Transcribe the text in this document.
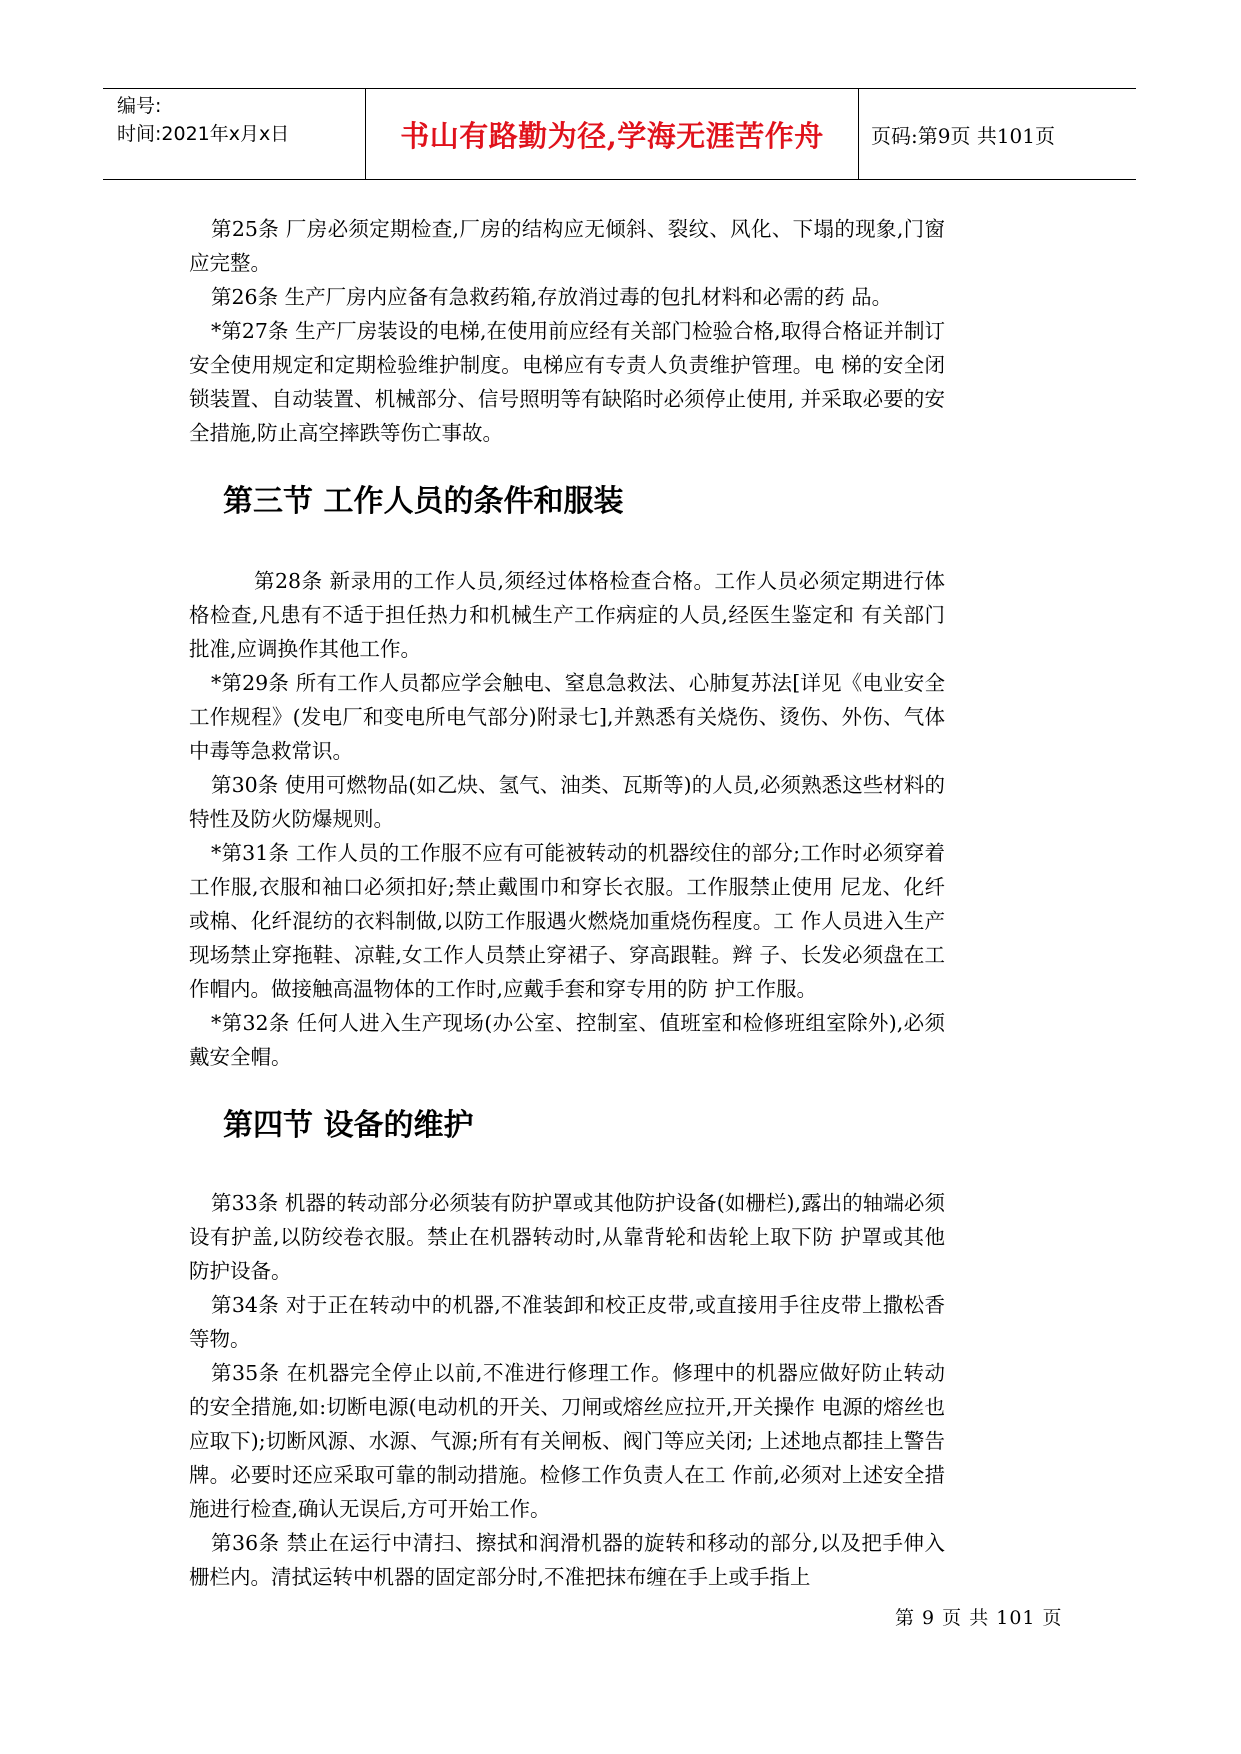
编号:
时间:2021年x月x日	书山有路勤为径,学海无涯苦作舟	页码:第9页 共101页

第25条 厂房必须定期检查,厂房的结构应无倾斜、裂纹、风化、下塌的现象,门窗应完整。

第26条 生产厂房内应备有急救药箱,存放消过毒的包扎材料和必需的药 品。

*第27条 生产厂房装设的电梯,在使用前应经有关部门检验合格,取得合格证并制订安全使用规定和定期检验维护制度。电梯应有专责人负责维护管理。电 梯的安全闭锁装置、自动装置、机械部分、信号照明等有缺陷时必须停止使用, 并采取必要的安全措施,防止高空摔跌等伤亡事故。

第三节 工作人员的条件和服装

第28条 新录用的工作人员,须经过体格检查合格。工作人员必须定期进行体格检查,凡患有不适于担任热力和机械生产工作病症的人员,经医生鉴定和 有关部门批准,应调换作其他工作。

*第29条 所有工作人员都应学会触电、窒息急救法、心肺复苏法[详见《电业安全工作规程》(发电厂和变电所电气部分)附录七],并熟悉有关烧伤、烫伤、外伤、气体中毒等急救常识。

第30条 使用可燃物品(如乙炔、氢气、油类、瓦斯等)的人员,必须熟悉这些材料的特性及防火防爆规则。

*第31条 工作人员的工作服不应有可能被转动的机器绞住的部分;工作时必须穿着工作服,衣服和袖口必须扣好;禁止戴围巾和穿长衣服。工作服禁止使用 尼龙、化纤或棉、化纤混纺的衣料制做,以防工作服遇火燃烧加重烧伤程度。工 作人员进入生产现场禁止穿拖鞋、凉鞋,女工作人员禁止穿裙子、穿高跟鞋。辫 子、长发必须盘在工作帽内。做接触高温物体的工作时,应戴手套和穿专用的防 护工作服。

*第32条 任何人进入生产现场(办公室、控制室、值班室和检修班组室除外),必须戴安全帽。

第四节 设备的维护

第33条 机器的转动部分必须装有防护罩或其他防护设备(如栅栏),露出的轴端必须设有护盖,以防绞卷衣服。禁止在机器转动时,从靠背轮和齿轮上取下防 护罩或其他防护设备。

第34条 对于正在转动中的机器,不准装卸和校正皮带,或直接用手往皮带上撒松香等物。

第35条 在机器完全停止以前,不准进行修理工作。修理中的机器应做好防止转动的安全措施,如:切断电源(电动机的开关、刀闸或熔丝应拉开,开关操作 电源的熔丝也应取下);切断风源、水源、气源;所有有关闸板、阀门等应关闭; 上述地点都挂上警告牌。必要时还应采取可靠的制动措施。检修工作负责人在工 作前,必须对上述安全措施进行检查,确认无误后,方可开始工作。

第36条 禁止在运行中清扫、擦拭和润滑机器的旋转和移动的部分,以及把手伸入栅栏内。清拭运转中机器的固定部分时,不准把抹布缠在手上或手指上

第 9 页 共 101 页
